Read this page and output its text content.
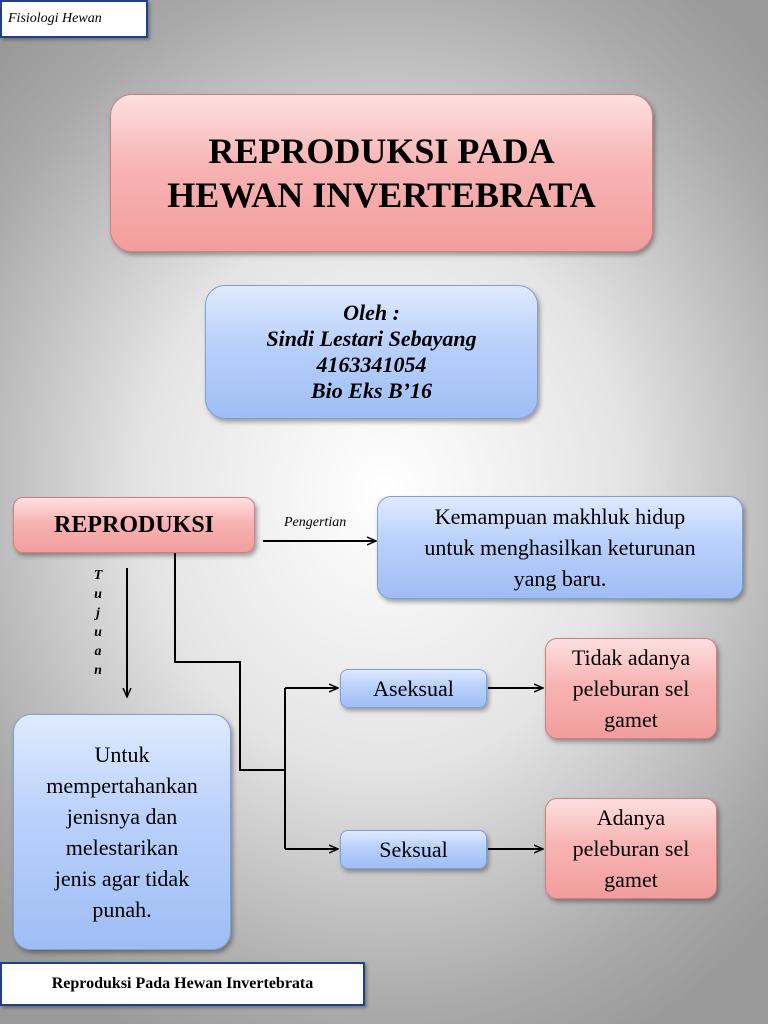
Fisiologi Hewan
REPRODUKSI PADA
HEWAN INVERTEBRATA
Oleh :
Sindi Lestari Sebayang
4163341054
Bio Eks B’16
REPRODUKSI	Pengertian	Kemampuan makhluk hidup
untuk menghasilkan keturunan
yang baru.
T
u
j
u
a
n
Untuk
mempertahankan
jenisnya dan
melestarikan
jenis agar tidak
punah.
Aseksual
Tidak adanya
peleburan sel
gamet
Seksual
Adanya
peleburan sel
gamet
Reproduksi Pada Hewan Invertebrata
